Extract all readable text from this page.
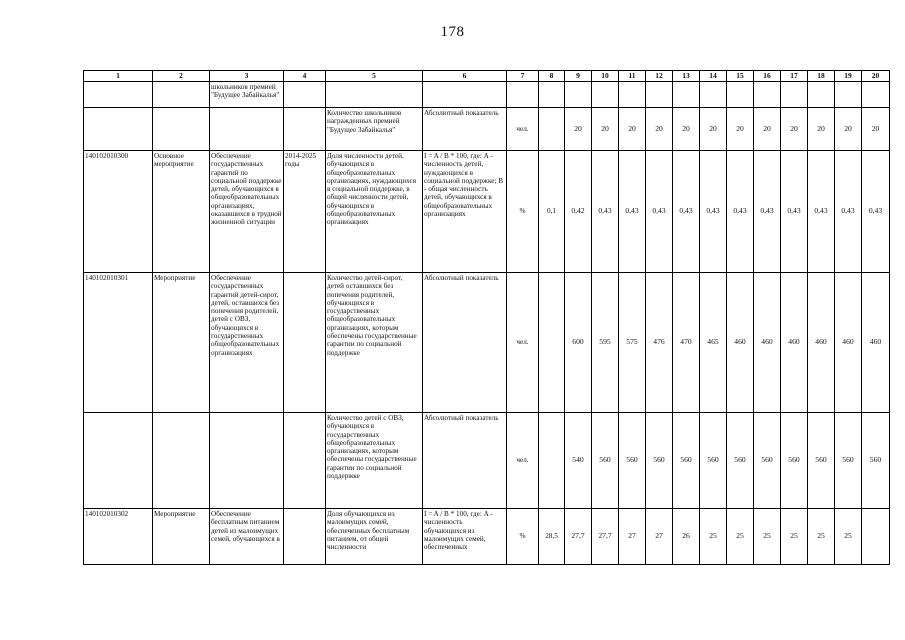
178
1	2	3	4	5	6	7	8	9	10	11	12	13	14	15	16	17	18	19	20
		школьников премией "Будущее Забайкалья"																	
				Количество школьников награжденных премией "Будущее Забайкалья"	Абсолютный показатель	чел.		20	20	20	20	20	20	20	20	20	20	20	20
140102010300	Основное мероприятие	Обеспечение государственных гарантий по социальной поддержке детей, обучающихся в общеобразовательных организациях, оказавшихся в трудной жизненной ситуации	2014-2025 годы	Доля численности детей, обучающихся в общеобразовательных организациях, нуждающихся в социальной поддержке, в общей численности детей, обучающихся в общеобразовательных организациях	I = A / B * 100, где: A - численность детей, нуждающихся в социальной поддержке; B - общая численность детей, обучающихся в общеобразовательных организациях	%	0,1	0,42	0,43	0,43	0,43	0,43	0,43	0,43	0,43	0,43	0,43	0,43	0,43
140102010301	Мероприятие	Обеспечение государственных гарантий детей-сирот, детей, оставшихся без попечения родителей, детей с ОВЗ, обучающихся в государственных общеобразовательных организациях		Количество детей-сирот, детей оставшихся без попечения родителей, обучающихся в государственных общеобразовательных организациях, которым обеспечены государственные гарантии по социальной поддержке	Абсолютный показатель	чел.		600	595	575	476	470	465	460	460	460	460	460	460
				Количество детей с ОВЗ, обучающихся в государственных общеобразовательных организациях, которым обеспечены государственные гарантии по социальной поддержке	Абсолютный показатель	чел.		540	560	560	560	560	560	560	560	560	560	560	560
140102010302	Мероприятие	Обеспечение бесплатным питанием детей из малоимущих семей, обучающихся в		Доля обучающихся из малоимущих семей, обеспеченных бесплатным питанием, от общей численности	I = A / B * 100, где: A - численность обучающихся из малоимущих семей, обеспеченных	%	28,5	27,7	27,7	27	27	26	25	25	25	25	25	25	
